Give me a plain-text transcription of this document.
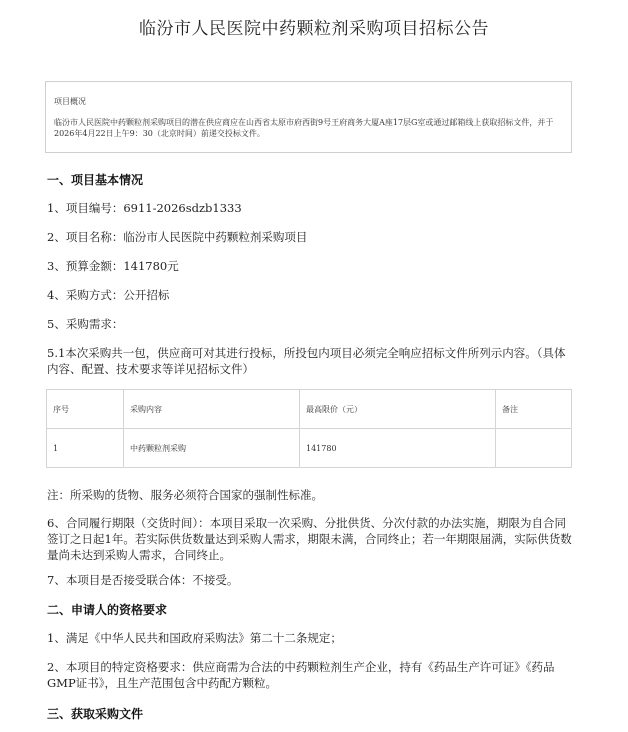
临汾市人民医院中药颗粒剂采购项目招标公告
项目概况
临汾市人民医院中药颗粒剂采购项目的潜在供应商应在山西省太原市府西街9号王府商务大厦A座17层G室或通过邮箱线上获取招标文件，并于2026年4月22日上午9：30（北京时间）前递交投标文件。
一、项目基本情况
1、项目编号：6911-2026sdzb1333
2、项目名称：临汾市人民医院中药颗粒剂采购项目
3、预算金额：141780元
4、采购方式：公开招标
5、采购需求：
5.1本次采购共一包，供应商可对其进行投标，所投包内项目必须完全响应招标文件所列示内容。（具体内容、配置、技术要求等详见招标文件）
序号	采购内容	最高限价（元）	备注
1	中药颗粒剂采购	141780	
注：所采购的货物、服务必须符合国家的强制性标准。
6、合同履行期限（交货时间）：本项目采取一次采购、分批供货、分次付款的办法实施，期限为自合同签订之日起1年。若实际供货数量达到采购人需求，期限未满，合同终止；若一年期限届满，实际供货数量尚未达到采购人需求，合同终止。
7、本项目是否接受联合体：不接受。
二、申请人的资格要求
1、满足《中华人民共和国政府采购法》第二十二条规定；
2、本项目的特定资格要求：供应商需为合法的中药颗粒剂生产企业，持有《药品生产许可证》《药品GMP证书》，且生产范围包含中药配方颗粒。
三、获取采购文件
